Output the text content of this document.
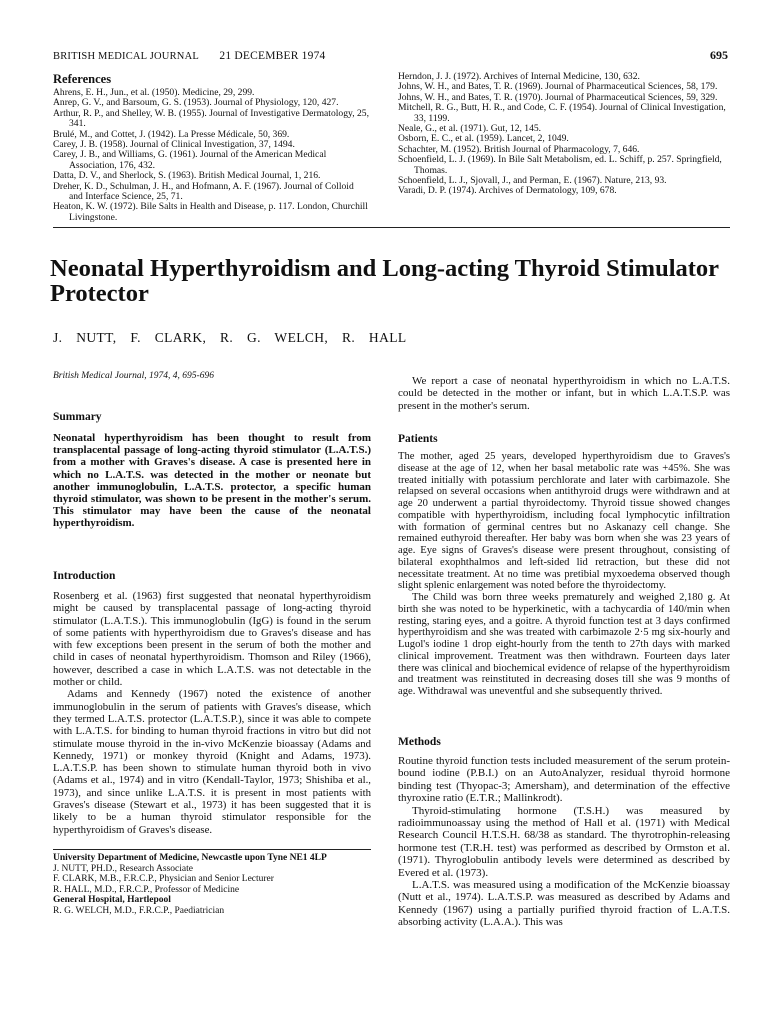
BRITISH MEDICAL JOURNAL 21 DECEMBER 1974	695
References

Ahrens, E. H., Jun., et al. (1950). Medicine, 29, 299.

Anrep, G. V., and Barsoum, G. S. (1953). Journal of Physiology, 120, 427.

Arthur, R. P., and Shelley, W. B. (1955). Journal of Investigative Dermatology, 25, 341.

Brulé, M., and Cottet, J. (1942). La Presse Médicale, 50, 369.

Carey, J. B. (1958). Journal of Clinical Investigation, 37, 1494.

Carey, J. B., and Williams, G. (1961). Journal of the American Medical Association, 176, 432.

Datta, D. V., and Sherlock, S. (1963). British Medical Journal, 1, 216.

Dreher, K. D., Schulman, J. H., and Hofmann, A. F. (1967). Journal of Colloid and Interface Science, 25, 71.

Heaton, K. W. (1972). Bile Salts in Health and Disease, p. 117. London, Churchill Livingstone.

Herndon, J. J. (1972). Archives of Internal Medicine, 130, 632.

Johns, W. H., and Bates, T. R. (1969). Journal of Pharmaceutical Sciences, 58, 179.

Johns, W. H., and Bates, T. R. (1970). Journal of Pharmaceutical Sciences, 59, 329.

Mitchell, R. G., Butt, H. R., and Code, C. F. (1954). Journal of Clinical Investigation, 33, 1199.

Neale, G., et al. (1971). Gut, 12, 145.

Osborn, E. C., et al. (1959). Lancet, 2, 1049.

Schachter, M. (1952). British Journal of Pharmacology, 7, 646.

Schoenfield, L. J. (1969). In Bile Salt Metabolism, ed. L. Schiff, p. 257. Springfield, Thomas.

Schoenfield, L. J., Sjovall, J., and Perman, E. (1967). Nature, 213, 93.

Varadi, D. P. (1974). Archives of Dermatology, 109, 678.

Neonatal Hyperthyroidism and Long-acting Thyroid Stimulator Protector
J. NUTT, F. CLARK, R. G. WELCH, R. HALL
British Medical Journal, 1974, 4, 695-696
Summary
Neonatal hyperthyroidism has been thought to result from transplacental passage of long-acting thyroid stimulator (L.A.T.S.) from a mother with Graves's disease. A case is presented here in which no L.A.T.S. was detected in the mother or neonate but another immunoglobulin, L.A.T.S. protector, a specific human thyroid stimulator, was shown to be present in the mother's serum. This stimulator may have been the cause of the neonatal hyperthyroidism.
Introduction

Rosenberg et al. (1963) first suggested that neonatal hyperthyroidism might be caused by transplacental passage of long-acting thyroid stimulator (L.A.T.S.). This immunoglobulin (IgG) is found in the serum of some patients with hyperthyroidism due to Graves's disease and has with few exceptions been present in the serum of both the mother and child in cases of neonatal hyperthyroidism. Thomson and Riley (1966), however, described a case in which L.A.T.S. was not detectable in the mother or child.

Adams and Kennedy (1967) noted the existence of another immunoglobulin in the serum of patients with Graves's disease, which they termed L.A.T.S. protector (L.A.T.S.P.), since it was able to compete with L.A.T.S. for binding to human thyroid fractions in vitro but did not stimulate mouse thyroid in the in-vivo McKenzie bioassay (Adams and Kennedy, 1971) or monkey thyroid (Knight and Adams, 1973). L.A.T.S.P. has been shown to stimulate human thyroid both in vivo (Adams et al., 1974) and in vitro (Kendall-Taylor, 1973; Shishiba et al., 1973), and since unlike L.A.T.S. it is present in most patients with Graves's disease (Stewart et al., 1973) it has been suggested that it is likely to be a human thyroid stimulator responsible for the hyperthyroidism of Graves's disease.

University Department of Medicine, Newcastle upon Tyne NE1 4LP
J. NUTT, PH.D., Research Associate
F. CLARK, M.B., F.R.C.P., Physician and Senior Lecturer
R. HALL, M.D., F.R.C.P., Professor of Medicine
General Hospital, Hartlepool
R. G. WELCH, M.D., F.R.C.P., Paediatrician
We report a case of neonatal hyperthyroidism in which no L.A.T.S. could be detected in the mother or infant, but in which L.A.T.S.P. was present in the mother's serum.
Patients

The mother, aged 25 years, developed hyperthyroidism due to Graves's disease at the age of 12, when her basal metabolic rate was +45%. She was treated initially with potassium perchlorate and later with carbimazole. She relapsed on several occasions when antithyroid drugs were withdrawn and at age 20 underwent a partial thyroidectomy. Thyroid tissue showed changes compatible with hyperthyroidism, including focal lymphocytic infiltration with formation of germinal centres but no Askanazy cell change. She remained euthyroid thereafter. Her baby was born when she was 23 years of age. Eye signs of Graves's disease were present throughout, consisting of bilateral exophthalmos and left-sided lid retraction, but these did not necessitate treatment. At no time was pretibial myxoedema observed though slight splenic enlargement was noted before the thyroidectomy.

The Child was born three weeks prematurely and weighed 2,180 g. At birth she was noted to be hyperkinetic, with a tachycardia of 140/min when resting, staring eyes, and a goitre. A thyroid function test at 3 days confirmed hyperthyroidism and she was treated with carbimazole 2·5 mg six-hourly and Lugol's iodine 1 drop eight-hourly from the tenth to 27th days with marked clinical improvement. Treatment was then withdrawn. Fourteen days later there was clinical and biochemical evidence of relapse of the hyperthyroidism and treatment was reinstituted in decreasing doses till she was 9 months of age. Withdrawal was uneventful and she subsequently thrived.

Methods

Routine thyroid function tests included measurement of the serum protein-bound iodine (P.B.I.) on an AutoAnalyzer, residual thyroid hormone binding test (Thyopac-3; Amersham), and determination of the effective thyroxine ratio (E.T.R.; Mallinkrodt).

Thyroid-stimulating hormone (T.S.H.) was measured by radioimmunoassay using the method of Hall et al. (1971) with Medical Research Council H.T.S.H. 68/38 as standard. The thyrotrophin-releasing hormone test (T.R.H. test) was performed as described by Ormston et al. (1971). Thyroglobulin antibody levels were determined as described by Evered et al. (1973).

L.A.T.S. was measured using a modification of the McKenzie bioassay (Nutt et al., 1974). L.A.T.S.P. was measured as described by Adams and Kennedy (1967) using a partially purified thyroid fraction of L.A.T.S. absorbing activity (L.A.A.). This was
